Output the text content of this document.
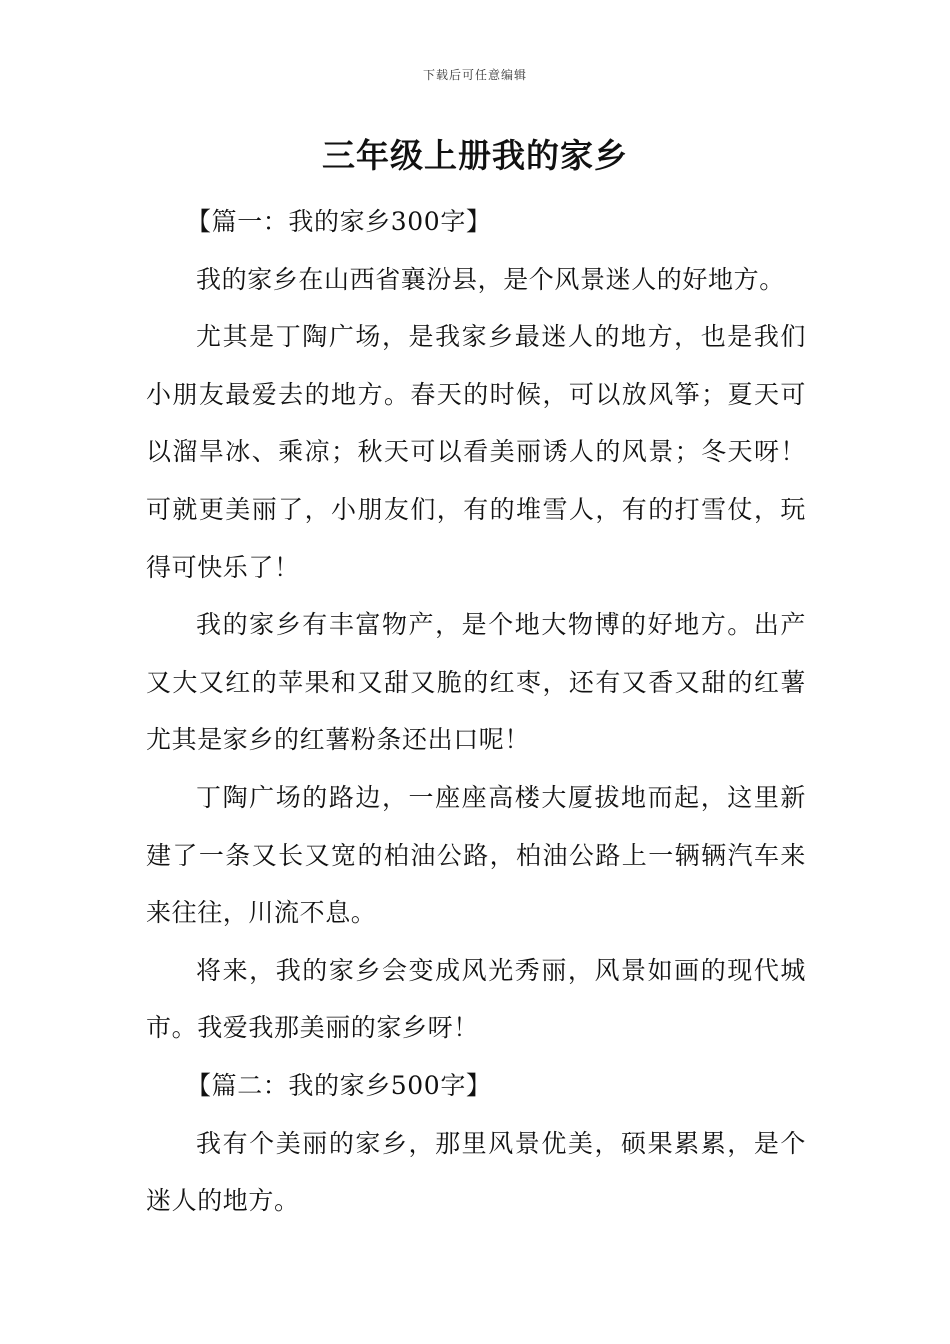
下载后可任意编辑
三年级上册我的家乡

【篇一：我的家乡300字】

我的家乡在山西省襄汾县，是个风景迷人的好地方。

尤其是丁陶广场，是我家乡最迷人的地方，也是我们小朋友最爱去的地方。春天的时候，可以放风筝；夏天可以溜旱冰、乘凉；秋天可以看美丽诱人的风景；冬天呀！可就更美丽了，小朋友们，有的堆雪人，有的打雪仗，玩得可快乐了！

我的家乡有丰富物产，是个地大物博的好地方。出产又大又红的苹果和又甜又脆的红枣，还有又香又甜的红薯尤其是家乡的红薯粉条还出口呢！

丁陶广场的路边，一座座高楼大厦拔地而起，这里新建了一条又长又宽的柏油公路，柏油公路上一辆辆汽车来来往往，川流不息。

将来，我的家乡会变成风光秀丽，风景如画的现代城市。我爱我那美丽的家乡呀！

【篇二：我的家乡500字】

我有个美丽的家乡，那里风景优美，硕果累累，是个迷人的地方。
